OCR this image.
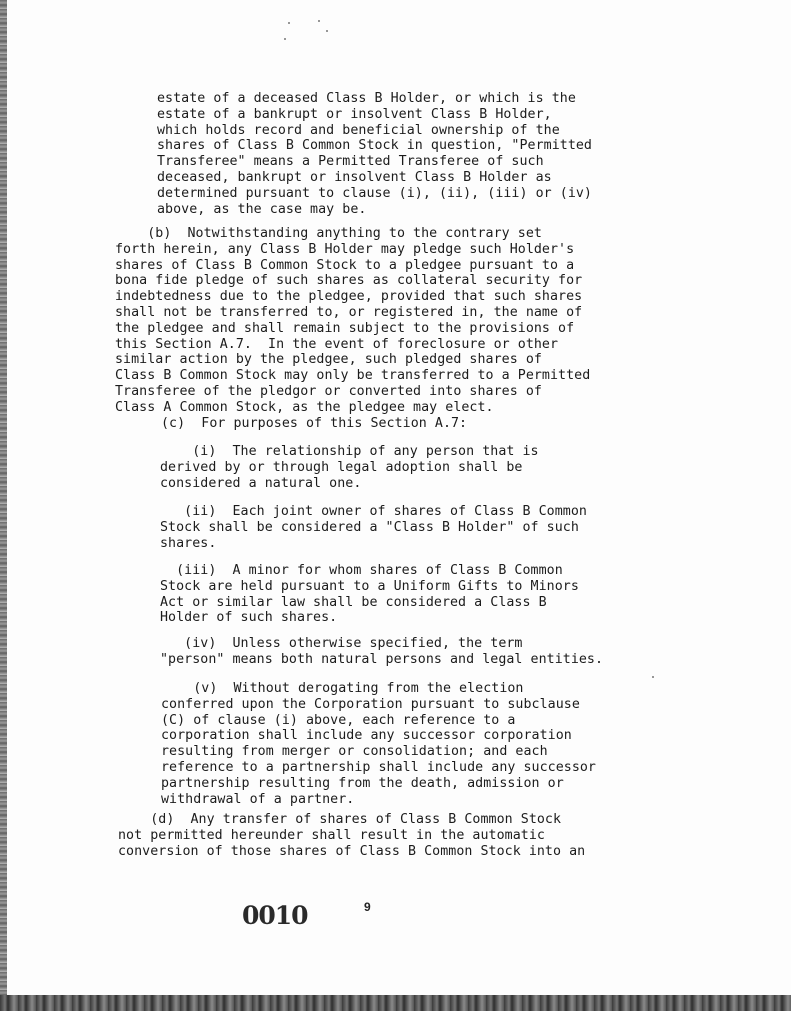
estate of a deceased Class B Holder, or which is the
estate of a bankrupt or insolvent Class B Holder,
which holds record and beneficial ownership of the
shares of Class B Common Stock in question, "Permitted
Transferee" means a Permitted Transferee of such
deceased, bankrupt or insolvent Class B Holder as
determined pursuant to clause (i), (ii), (iii) or (iv)
above, as the case may be.
(b)  Notwithstanding anything to the contrary set
forth herein, any Class B Holder may pledge such Holder's
shares of Class B Common Stock to a pledgee pursuant to a
bona fide pledge of such shares as collateral security for
indebtedness due to the pledgee, provided that such shares
shall not be transferred to, or registered in, the name of
the pledgee and shall remain subject to the provisions of
this Section A.7.  In the event of foreclosure or other
similar action by the pledgee, such pledged shares of
Class B Common Stock may only be transferred to a Permitted
Transferee of the pledgor or converted into shares of
Class A Common Stock, as the pledgee may elect.
(c)  For purposes of this Section A.7:
(i)  The relationship of any person that is
derived by or through legal adoption shall be
considered a natural one.
(ii)  Each joint owner of shares of Class B Common
Stock shall be considered a "Class B Holder" of such
shares.
(iii)  A minor for whom shares of Class B Common
Stock are held pursuant to a Uniform Gifts to Minors
Act or similar law shall be considered a Class B
Holder of such shares.
(iv)  Unless otherwise specified, the term
"person" means both natural persons and legal entities.
(v)  Without derogating from the election
conferred upon the Corporation pursuant to subclause
(C) of clause (i) above, each reference to a
corporation shall include any successor corporation
resulting from merger or consolidation; and each
reference to a partnership shall include any successor
partnership resulting from the death, admission or
withdrawal of a partner.
(d)  Any transfer of shares of Class B Common Stock
not permitted hereunder shall result in the automatic
conversion of those shares of Class B Common Stock into an
0010	9
